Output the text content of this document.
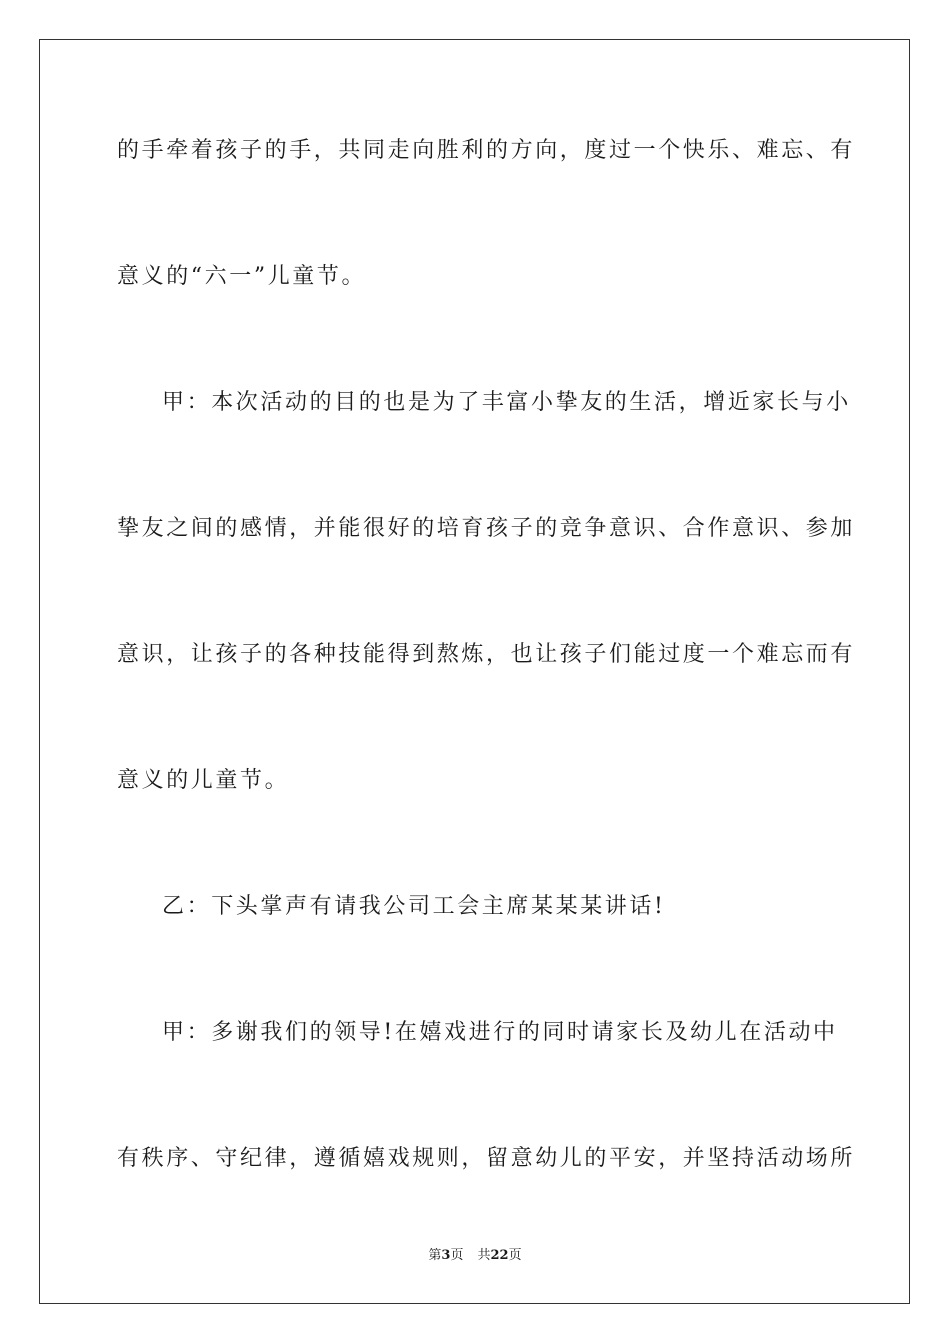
的手牵着孩子的手，共同走向胜利的方向，度过一个快乐、难忘、有
意义的“六一”儿童节。
甲：本次活动的目的也是为了丰富小挚友的生活，增近家长与小
挚友之间的感情，并能很好的培育孩子的竞争意识、合作意识、参加
意识，让孩子的各种技能得到熬炼，也让孩子们能过度一个难忘而有
意义的儿童节。
乙：下头掌声有请我公司工会主席某某某讲话!
甲：多谢我们的领导!在嬉戏进行的同时请家长及幼儿在活动中
有秩序、守纪律，遵循嬉戏规则，留意幼儿的平安，并坚持活动场所
第3页 共22页
